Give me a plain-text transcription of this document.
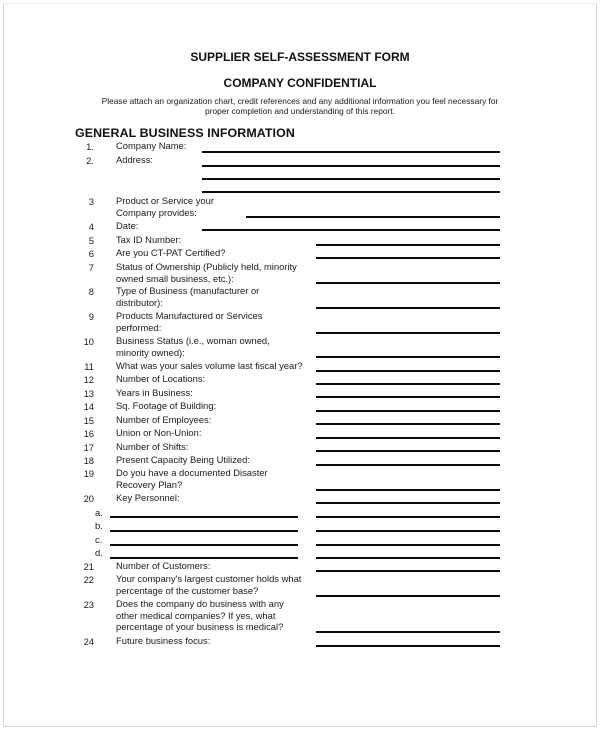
SUPPLIER SELF-ASSESSMENT FORM
COMPANY CONFIDENTIAL
Please attach an organization chart, credit references and any additional information you feel necessary for
proper completion and understanding of this report.
GENERAL BUSINESS INFORMATION
1. Company Name:
2. Address:
3 Product or Service your
Company provides:
4 Date:
5 Tax ID Number:
6 Are you CT-PAT Certified?
7 Status of Ownership (Publicly held, minority
owned small business, etc.):
8 Type of Business (manufacturer or
distributor):
9 Products Manufactured or Services
performed:
10 Business Status (i.e., woman owned,
minority owned):
11 What was your sales volume last fiscal year?
12 Number of Locations:
13 Years in Business:
14 Sq. Footage of Building:
15 Number of Employees:
16 Union or Non-Union:
17 Number of Shifts:
18 Present Capacity Being Utilized:
19 Do you have a documented Disaster
Recovery Plan?
20 Key Personnel:
a.
b.
c.
d.
21 Number of Customers:
22 Your company's largest customer holds what
percentage of the customer base?
23 Does the company do business with any
other medical companies? If yes, what
percentage of your business is medical?
24 Future business focus:
